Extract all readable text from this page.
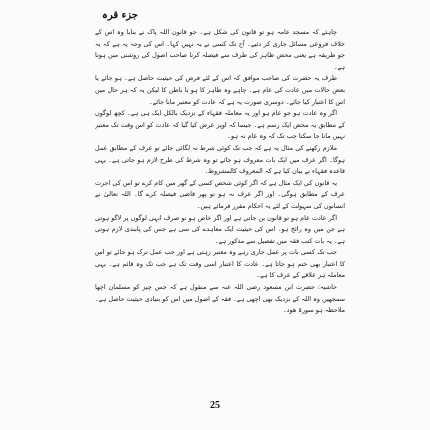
جزء قرہ

چاہئے کہ مسجد عامہ ہو تو قانون کی شکل ہے۔ جو قانون اللہ پاک نے بنایا وہ اس کے خلاف فروعی مسائل جاری کر دئیے۔ آج تک کسی نے یہ نہیں کہا۔ اس کی وجہ یہ ہے کہ یہ جو طریقہ ہے یعنی محض ظاہر کی طرف سے فیصلہ کرنا صاحب اصول کی روشنی میں ہوتا ہے۔

طرف یہ حضرت کی صاحب موافق کہ اس کے لئے فرض کی حیثیت حاصل ہے۔ ہو جائے یا بعض حالات میں عادت کی عام ہے۔ چاہے وہ ظاہر کا ہو یا باطن کا لیکن یہ کہ ہر حال میں اس کا اعتبار کیا جائے۔ دوسری صورت یہ ہے کہ عادت کو معتبر مانا جائے۔

اگر وہ عادت ہو جو عام ہو اور یہ معاملہ فقہاء کے نزدیک بالکل ایک ہی ہے۔ کچھ لوگوں کے مطابق یہ محض ایک رسم ہے۔ جیسا کہ اوپر عرض کیا گیا کہ عادت کو اس وقت تک معتبر نہیں مانا جا سکتا جب تک کہ وہ عام نہ ہو۔

ملازم رکھنے کی مثال یہ ہے کہ جب تک کوئی شرط نہ لگائی جائے تو عرف کے مطابق عمل ہوگا۔ اگر عرف میں ایک بات معروف ہو جائے تو وہ شرط کی طرح لازم ہو جاتی ہے۔ یہی قاعدہ فقہاء نے بیان کیا ہے کہ المعروف کالمشروط۔

یہ قانون کی ایک مثال ہے کہ اگر کوئی شخص کسی کے گھر میں کام کرے تو اس کی اجرت عرف کے مطابق ہوگی۔ اور اگر عرف نہ ہو تو پھر قاضی فیصلہ کرے گا۔ اللہ تعالیٰ نے انسانوں کی سہولت کے لئے یہ احکام مقرر فرمائے ہیں۔

اگر عادت عام ہو تو قانون بن جاتی ہے اور اگر خاص ہو تو صرف انہی لوگوں پر لاگو ہوتی ہے جن میں وہ رائج ہو۔ اس کی حیثیت ایک معاہدے کی سی ہے جس کی پابندی لازم ہوتی ہے۔ یہ بات کتب فقہ میں تفصیل سے مذکور ہے۔

جب تک کسی بات پر عمل جاری رہے وہ معتبر رہتی ہے اور جب عمل ترک ہو جائے تو اس کا اعتبار بھی ختم ہو جاتا ہے۔ عادت کا اعتبار اسی وقت تک ہے جب تک وہ قائم ہے۔ یہی معاملہ ہر علاقے کے عرف کا ہے۔

حاشیہ: حضرت ابن مسعود رضی اللہ عنہ سے منقول ہے کہ جس چیز کو مسلمان اچھا سمجھیں وہ اللہ کے نزدیک بھی اچھی ہے۔ فقہ کے اصول میں اس کو بنیادی حیثیت حاصل ہے۔ ملاحظہ ہو سورۃ ھود۔

25
